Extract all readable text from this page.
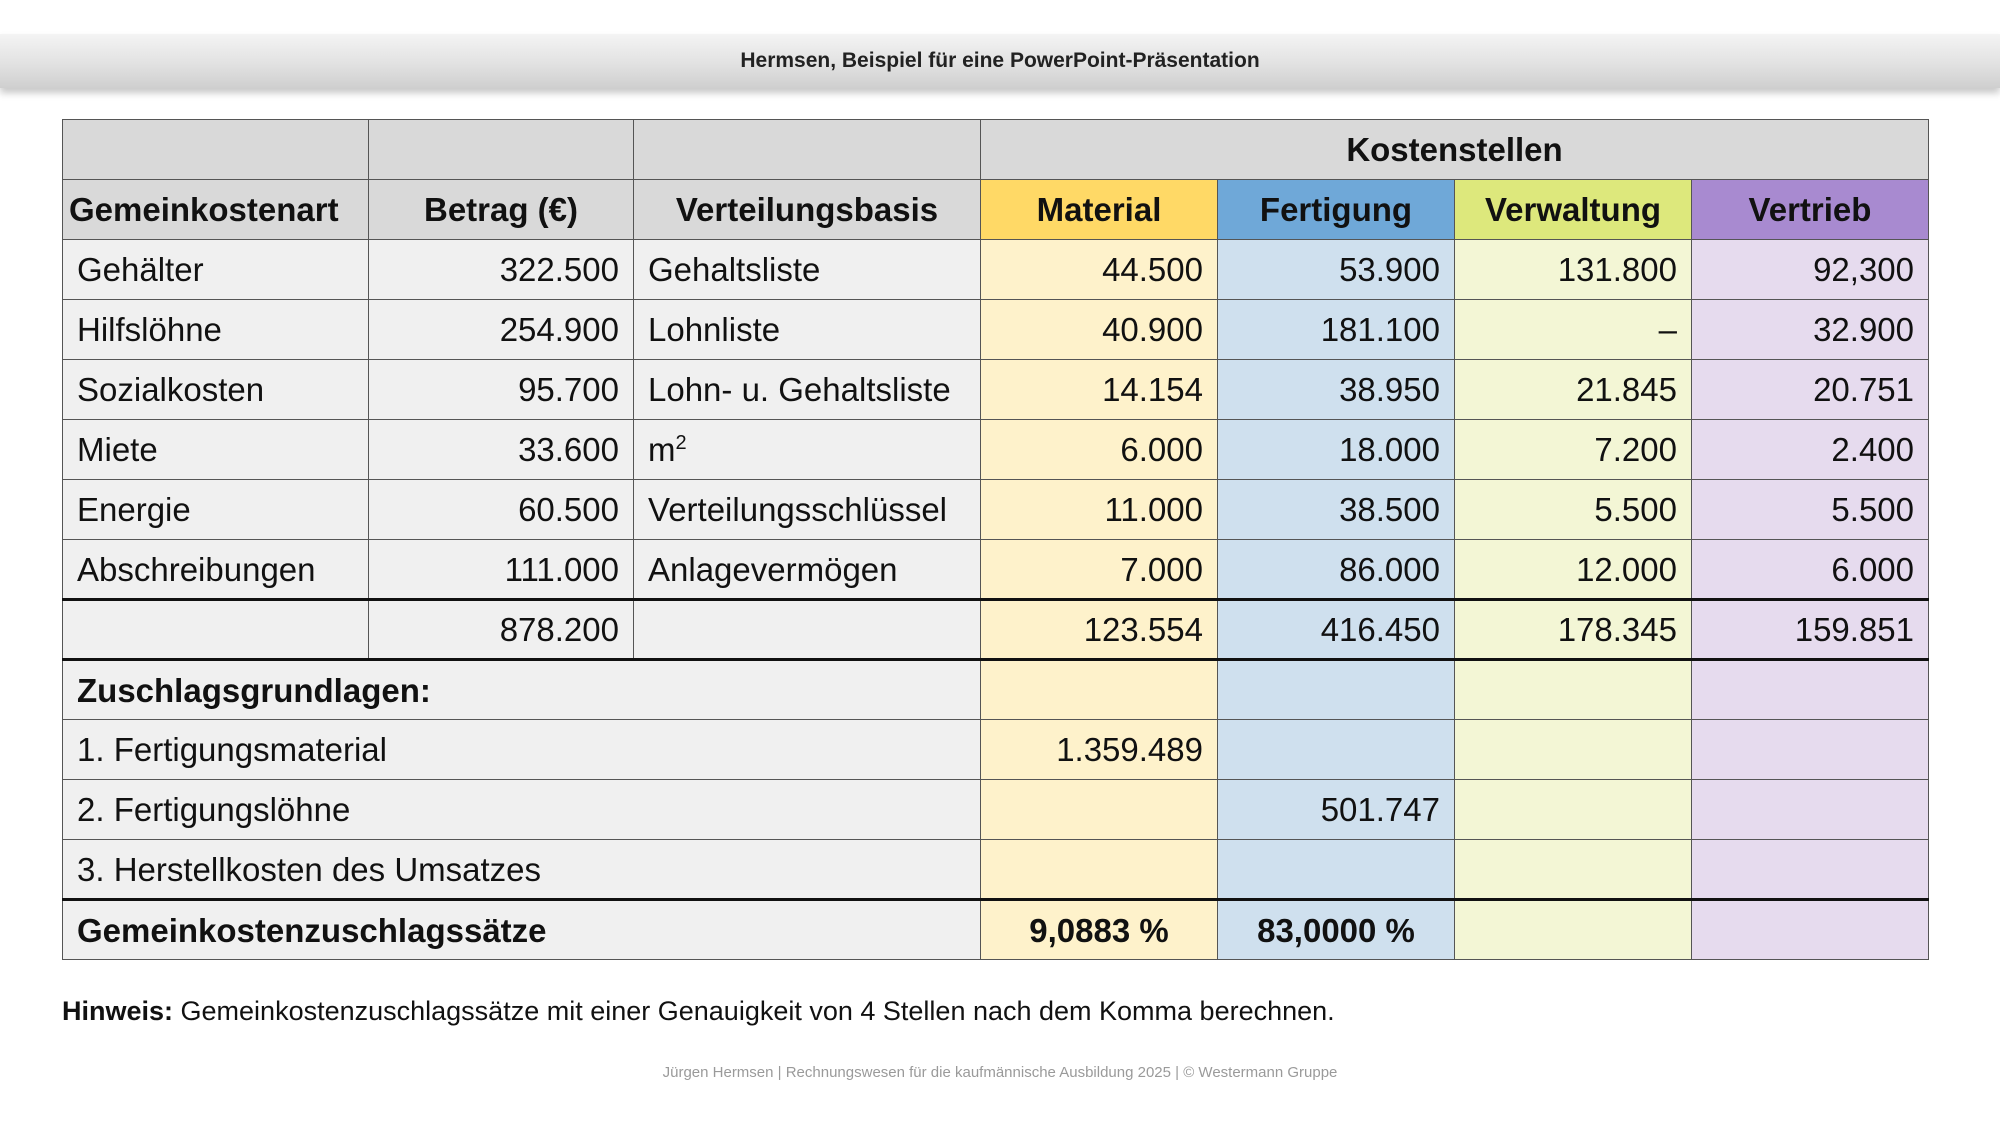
Hermsen, Beispiel für eine PowerPoint-Präsentation
			Kostenstellen			
Gemeinkostenart	Betrag (€)	Verteilungsbasis	Material	Fertigung	Verwaltung	Vertrieb
Gehälter	322.500	Gehaltsliste	44.500	53.900	131.800	92,300
Hilfslöhne	254.900	Lohnliste	40.900	181.100	–	32.900
Sozialkosten	95.700	Lohn- u. Gehaltsliste	14.154	38.950	21.845	20.751
Miete	33.600	$m^2$	6.000	18.000	7.200	2.400
Energie	60.500	Verteilungsschlüssel	11.000	38.500	5.500	5.500
Abschreibungen	111.000	Anlagevermögen	7.000	86.000	12.000	6.000
	878.200		123.554	416.450	178.345	159.851
Zuschlagsgrundlagen:						
1. Fertigungsmaterial			1.359.489			
2. Fertigungslöhne				501.747		
3. Herstellkosten des Umsatzes						
Gemeinkostenzuschlagssätze			9,0883 %	83,0000 %		
Hinweis: Gemeinkostenzuschlagssätze mit einer Genauigkeit von 4 Stellen nach dem Komma berechnen.
Jürgen Hermsen | Rechnungswesen für die kaufmännische Ausbildung 2025 | © Westermann Gruppe
